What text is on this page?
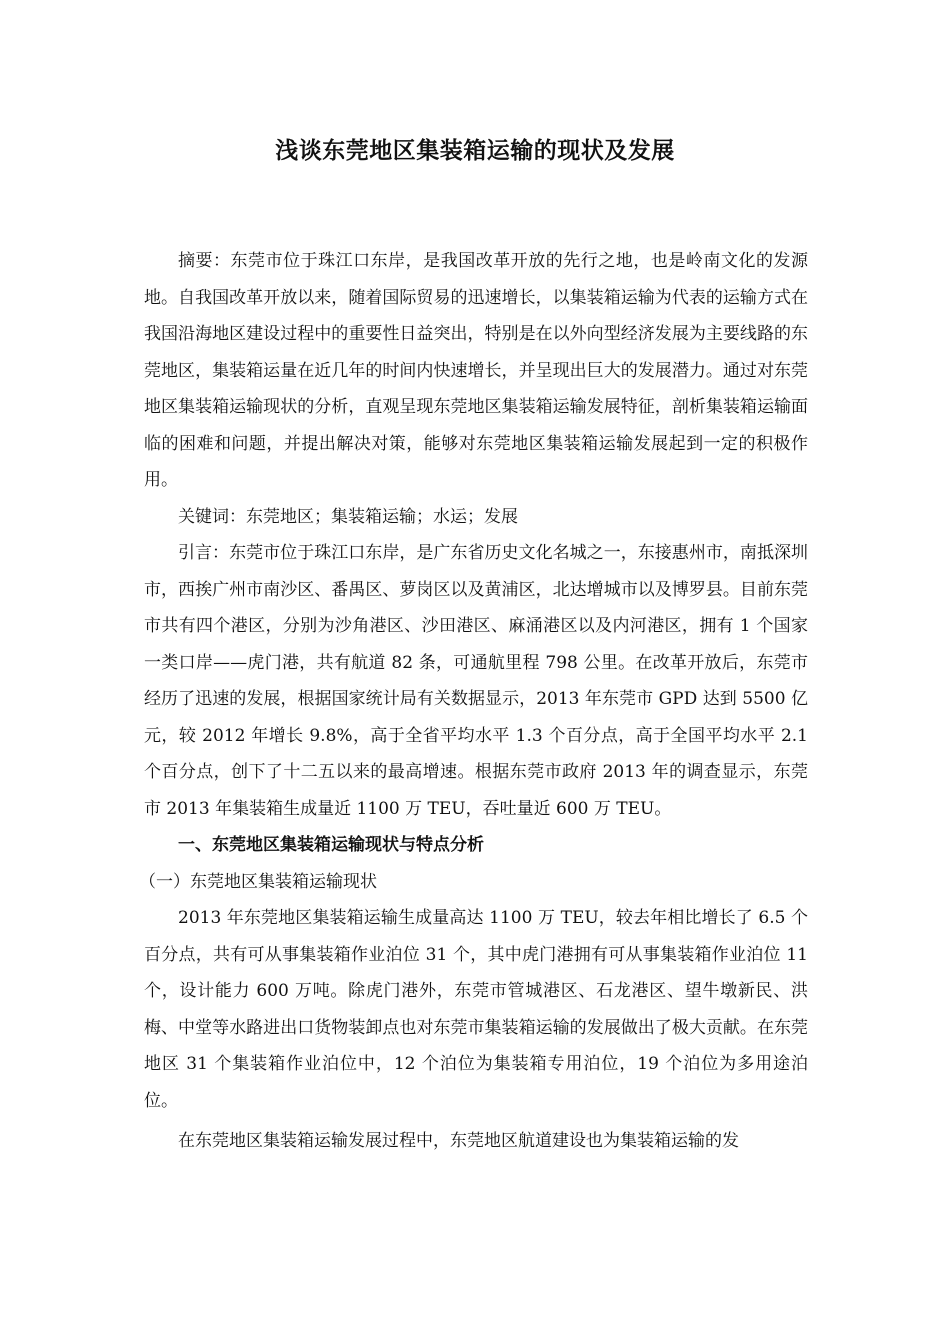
浅谈东莞地区集装箱运输的现状及发展

摘要：东莞市位于珠江口东岸，是我国改革开放的先行之地，也是岭南文化的发源地。自我国改革开放以来，随着国际贸易的迅速增长，以集装箱运输为代表的运输方式在我国沿海地区建设过程中的重要性日益突出，特别是在以外向型经济发展为主要线路的东莞地区，集装箱运量在近几年的时间内快速增长，并呈现出巨大的发展潜力。通过对东莞地区集装箱运输现状的分析，直观呈现东莞地区集装箱运输发展特征，剖析集装箱运输面临的困难和问题，并提出解决对策，能够对东莞地区集装箱运输发展起到一定的积极作用。

关键词：东莞地区；集装箱运输；水运；发展

引言：东莞市位于珠江口东岸，是广东省历史文化名城之一，东接惠州市，南抵深圳市，西挨广州市南沙区、番禺区、萝岗区以及黄浦区，北达增城市以及博罗县。目前东莞市共有四个港区，分别为沙角港区、沙田港区、麻涌港区以及内河港区，拥有 1 个国家一类口岸——虎门港，共有航道 82 条，可通航里程 798 公里。在改革开放后，东莞市经历了迅速的发展，根据国家统计局有关数据显示，2013 年东莞市 GPD 达到 5500 亿元，较 2012 年增长 9.8%，高于全省平均水平 1.3 个百分点，高于全国平均水平 2.1 个百分点，创下了十二五以来的最高增速。根据东莞市政府 2013 年的调查显示，东莞市 2013 年集装箱生成量近 1100 万 TEU，吞吐量近 600 万 TEU。

一、东莞地区集装箱运输现状与特点分析

（一）东莞地区集装箱运输现状

2013 年东莞地区集装箱运输生成量高达 1100 万 TEU，较去年相比增长了 6.5 个百分点，共有可从事集装箱作业泊位 31 个，其中虎门港拥有可从事集装箱作业泊位 11 个，设计能力 600 万吨。除虎门港外，东莞市管城港区、石龙港区、望牛墩新民、洪梅、中堂等水路进出口货物装卸点也对东莞市集装箱运输的发展做出了极大贡献。在东莞地区 31 个集装箱作业泊位中，12 个泊位为集装箱专用泊位，19 个泊位为多用途泊位。

在东莞地区集装箱运输发展过程中，东莞地区航道建设也为集装箱运输的发
